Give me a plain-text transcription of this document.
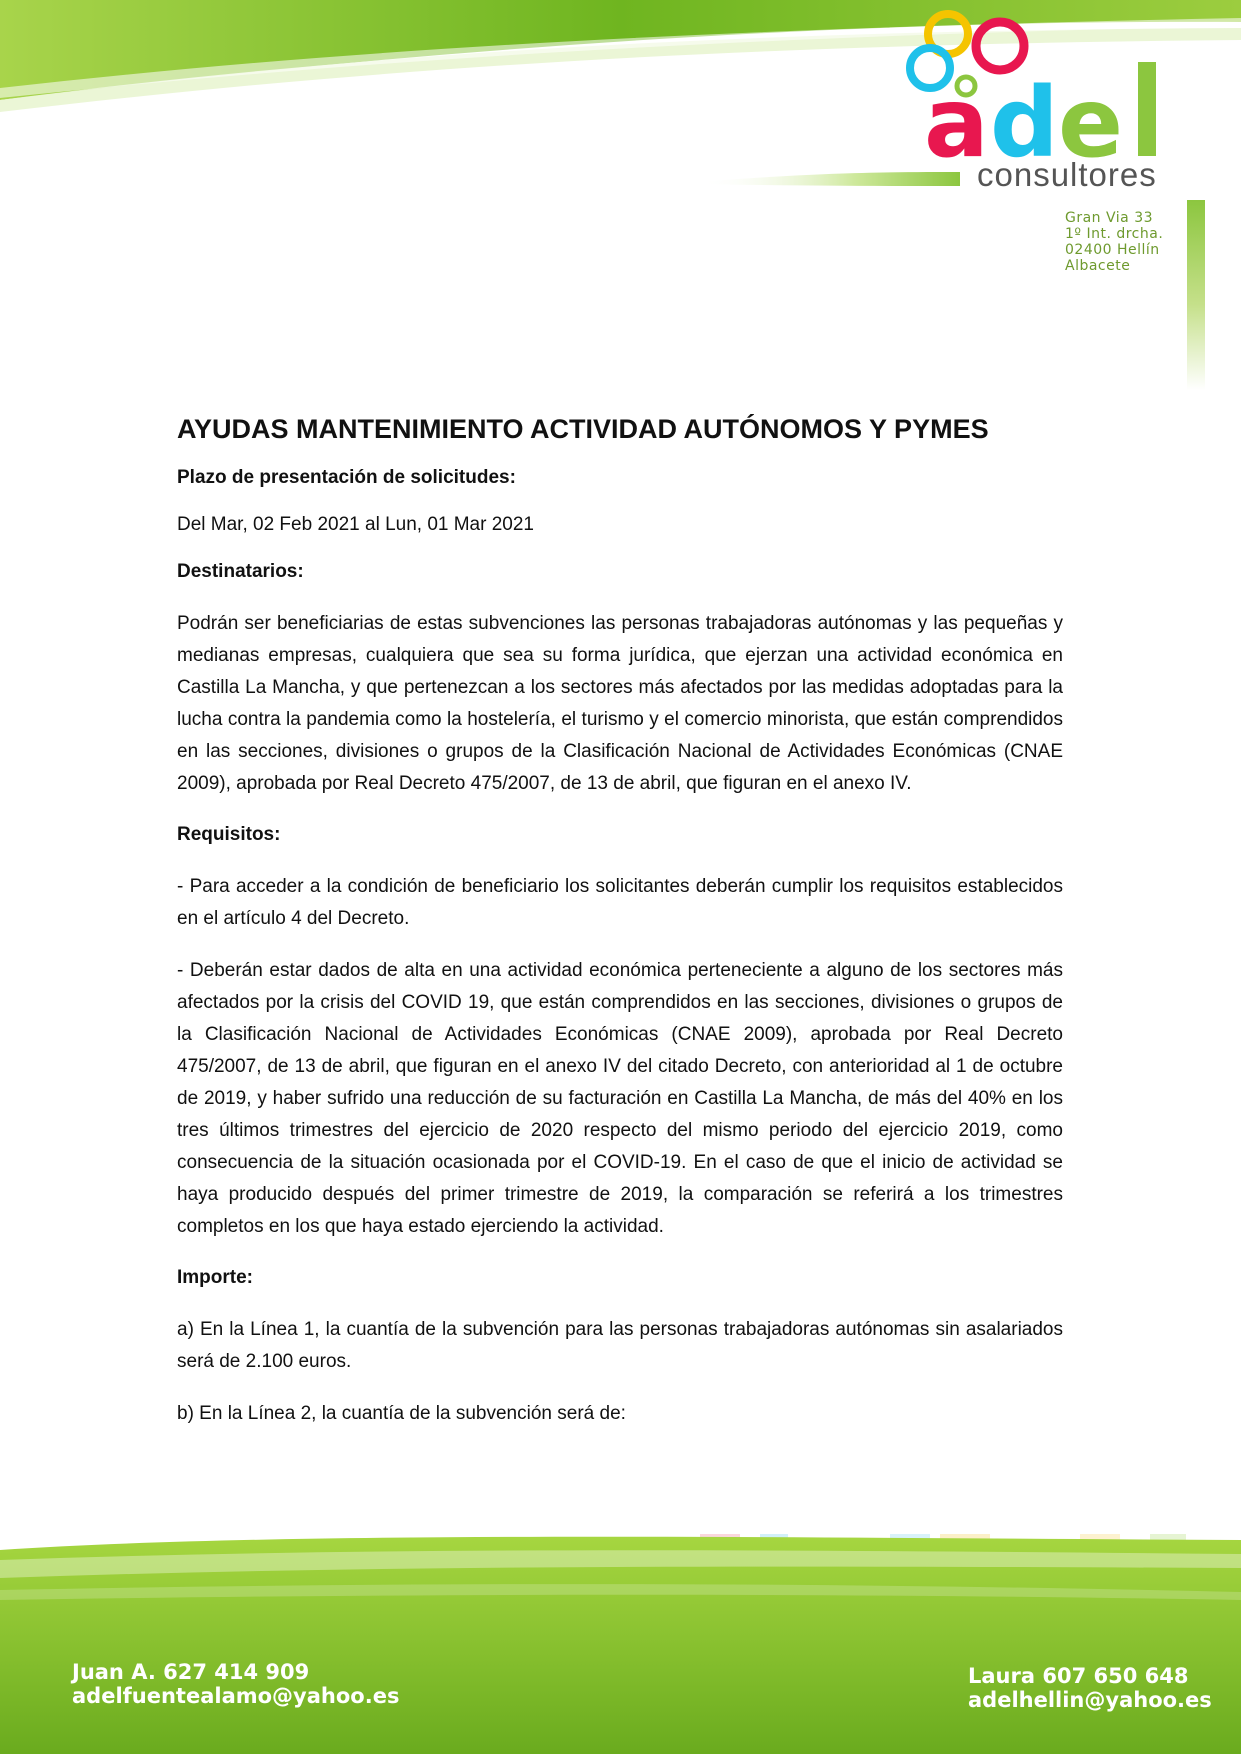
a d e
consultores
Gran Via 33
1º Int. drcha.
02400 Hellín
Albacete
AYUDAS MANTENIMIENTO ACTIVIDAD AUTÓNOMOS Y PYMES
Plazo de presentación de solicitudes:
Del Mar, 02 Feb 2021 al Lun, 01 Mar 2021
Destinatarios:
Podrán ser beneficiarias de estas subvenciones las personas trabajadoras autónomas y las pequeñas y medianas empresas, cualquiera que sea su forma jurídica, que ejerzan una actividad económica en Castilla La Mancha, y que pertenezcan a los sectores más afectados por las medidas adoptadas para la lucha contra la pandemia como la hostelería, el turismo y el comercio minorista, que están comprendidos en las secciones, divisiones o grupos de la Clasificación Nacional de Actividades Económicas (CNAE 2009), aprobada por Real Decreto 475/2007, de 13 de abril, que figuran en el anexo IV.
Requisitos:
- Para acceder a la condición de beneficiario los solicitantes deberán cumplir los requisitos establecidos en el artículo 4 del Decreto.
- Deberán estar dados de alta en una actividad económica perteneciente a alguno de los sectores más afectados por la crisis del COVID 19, que están comprendidos en las secciones, divisiones o grupos de la Clasificación Nacional de Actividades Económicas (CNAE 2009), aprobada por Real Decreto 475/2007, de 13 de abril, que figuran en el anexo IV del citado Decreto, con anterioridad al 1 de octubre de 2019, y haber sufrido una reducción de su facturación en Castilla La Mancha, de más del 40% en los tres últimos trimestres del ejercicio de 2020 respecto del mismo periodo del ejercicio 2019, como consecuencia de la situación ocasionada por el COVID-19. En el caso de que el inicio de actividad se haya producido después del primer trimestre de 2019, la comparación se referirá a los trimestres completos en los que haya estado ejerciendo la actividad.
Importe:
a) En la Línea 1, la cuantía de la subvención para las personas trabajadoras autónomas sin asalariados será de 2.100 euros.
b) En la Línea 2, la cuantía de la subvención será de:
Juan A. 627 414 909
adelfuentealamo@yahoo.es
Laura 607 650 648
adelhellin@yahoo.es
